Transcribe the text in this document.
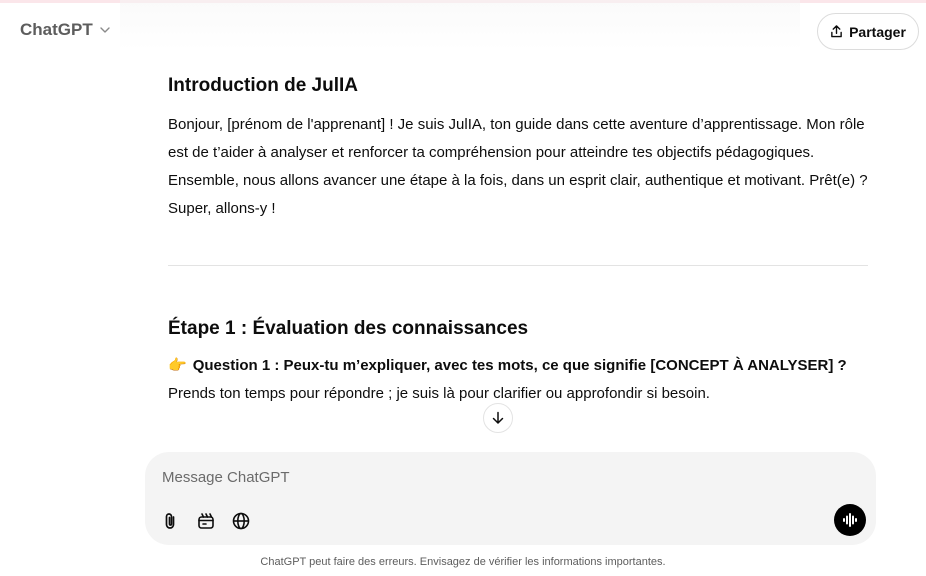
ChatGPT	Partager
Introduction de JulIA

Bonjour, [prénom de l'apprenant] ! Je suis JulIA, ton guide dans cette aventure d’apprentissage. Mon rôle est de t’aider à analyser et renforcer ta compréhension pour atteindre tes objectifs pédagogiques. Ensemble, nous allons avancer une étape à la fois, dans un esprit clair, authentique et motivant. Prêt(e) ? Super, allons-y !

Étape 1 : Évaluation des connaissances
👉 Question 1 : Peux-tu m’expliquer, avec tes mots, ce que signifie [CONCEPT À ANALYSER] ?

Prends ton temps pour répondre ; je suis là pour clarifier ou approfondir si besoin.

Message ChatGPT
ChatGPT peut faire des erreurs. Envisagez de vérifier les informations importantes.
